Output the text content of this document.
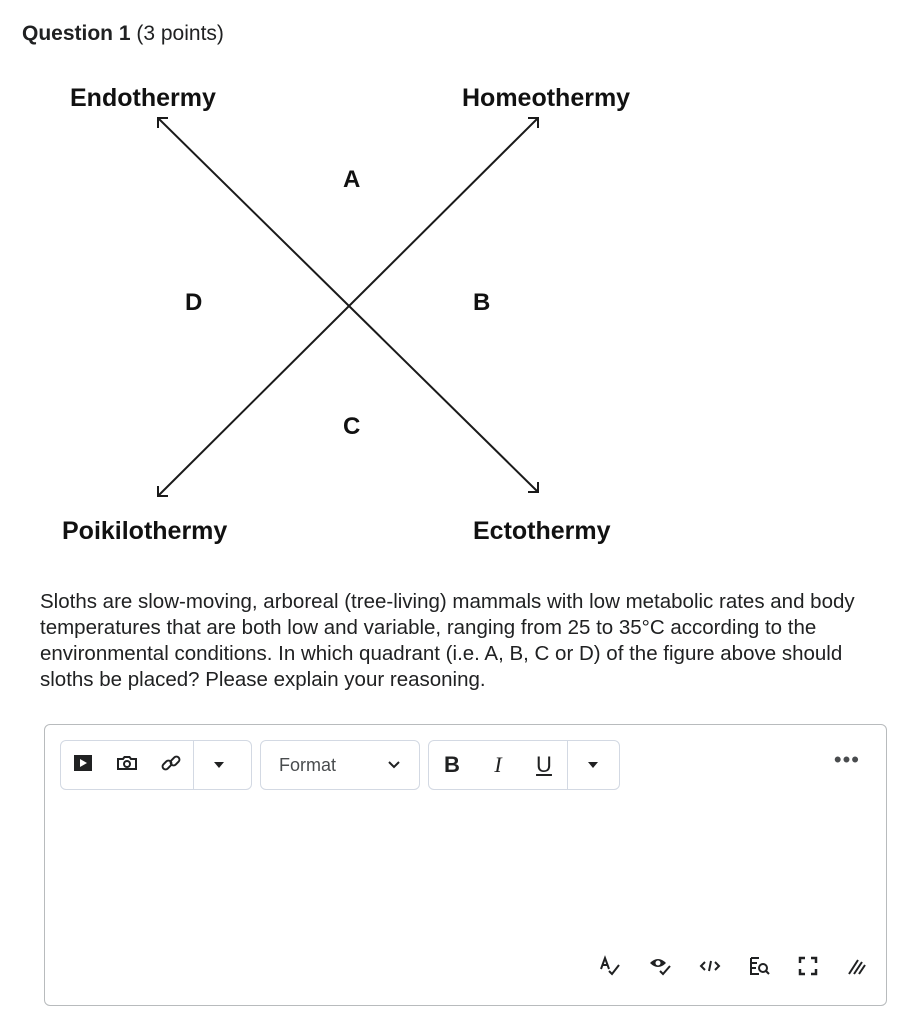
Question 1 (3 points)
Endothermy	Homeothermy
Poikilothermy	Ectothermy
A
B
C
D

Sloths are slow-moving, arboreal (tree-living) mammals with low metabolic rates and body temperatures that are both low and variable, ranging from 25 to 35°C according to the environmental conditions. In which quadrant (i.e. A, B, C or D) of the figure above should sloths be placed? Please explain your reasoning.

Format	B I U	•••
